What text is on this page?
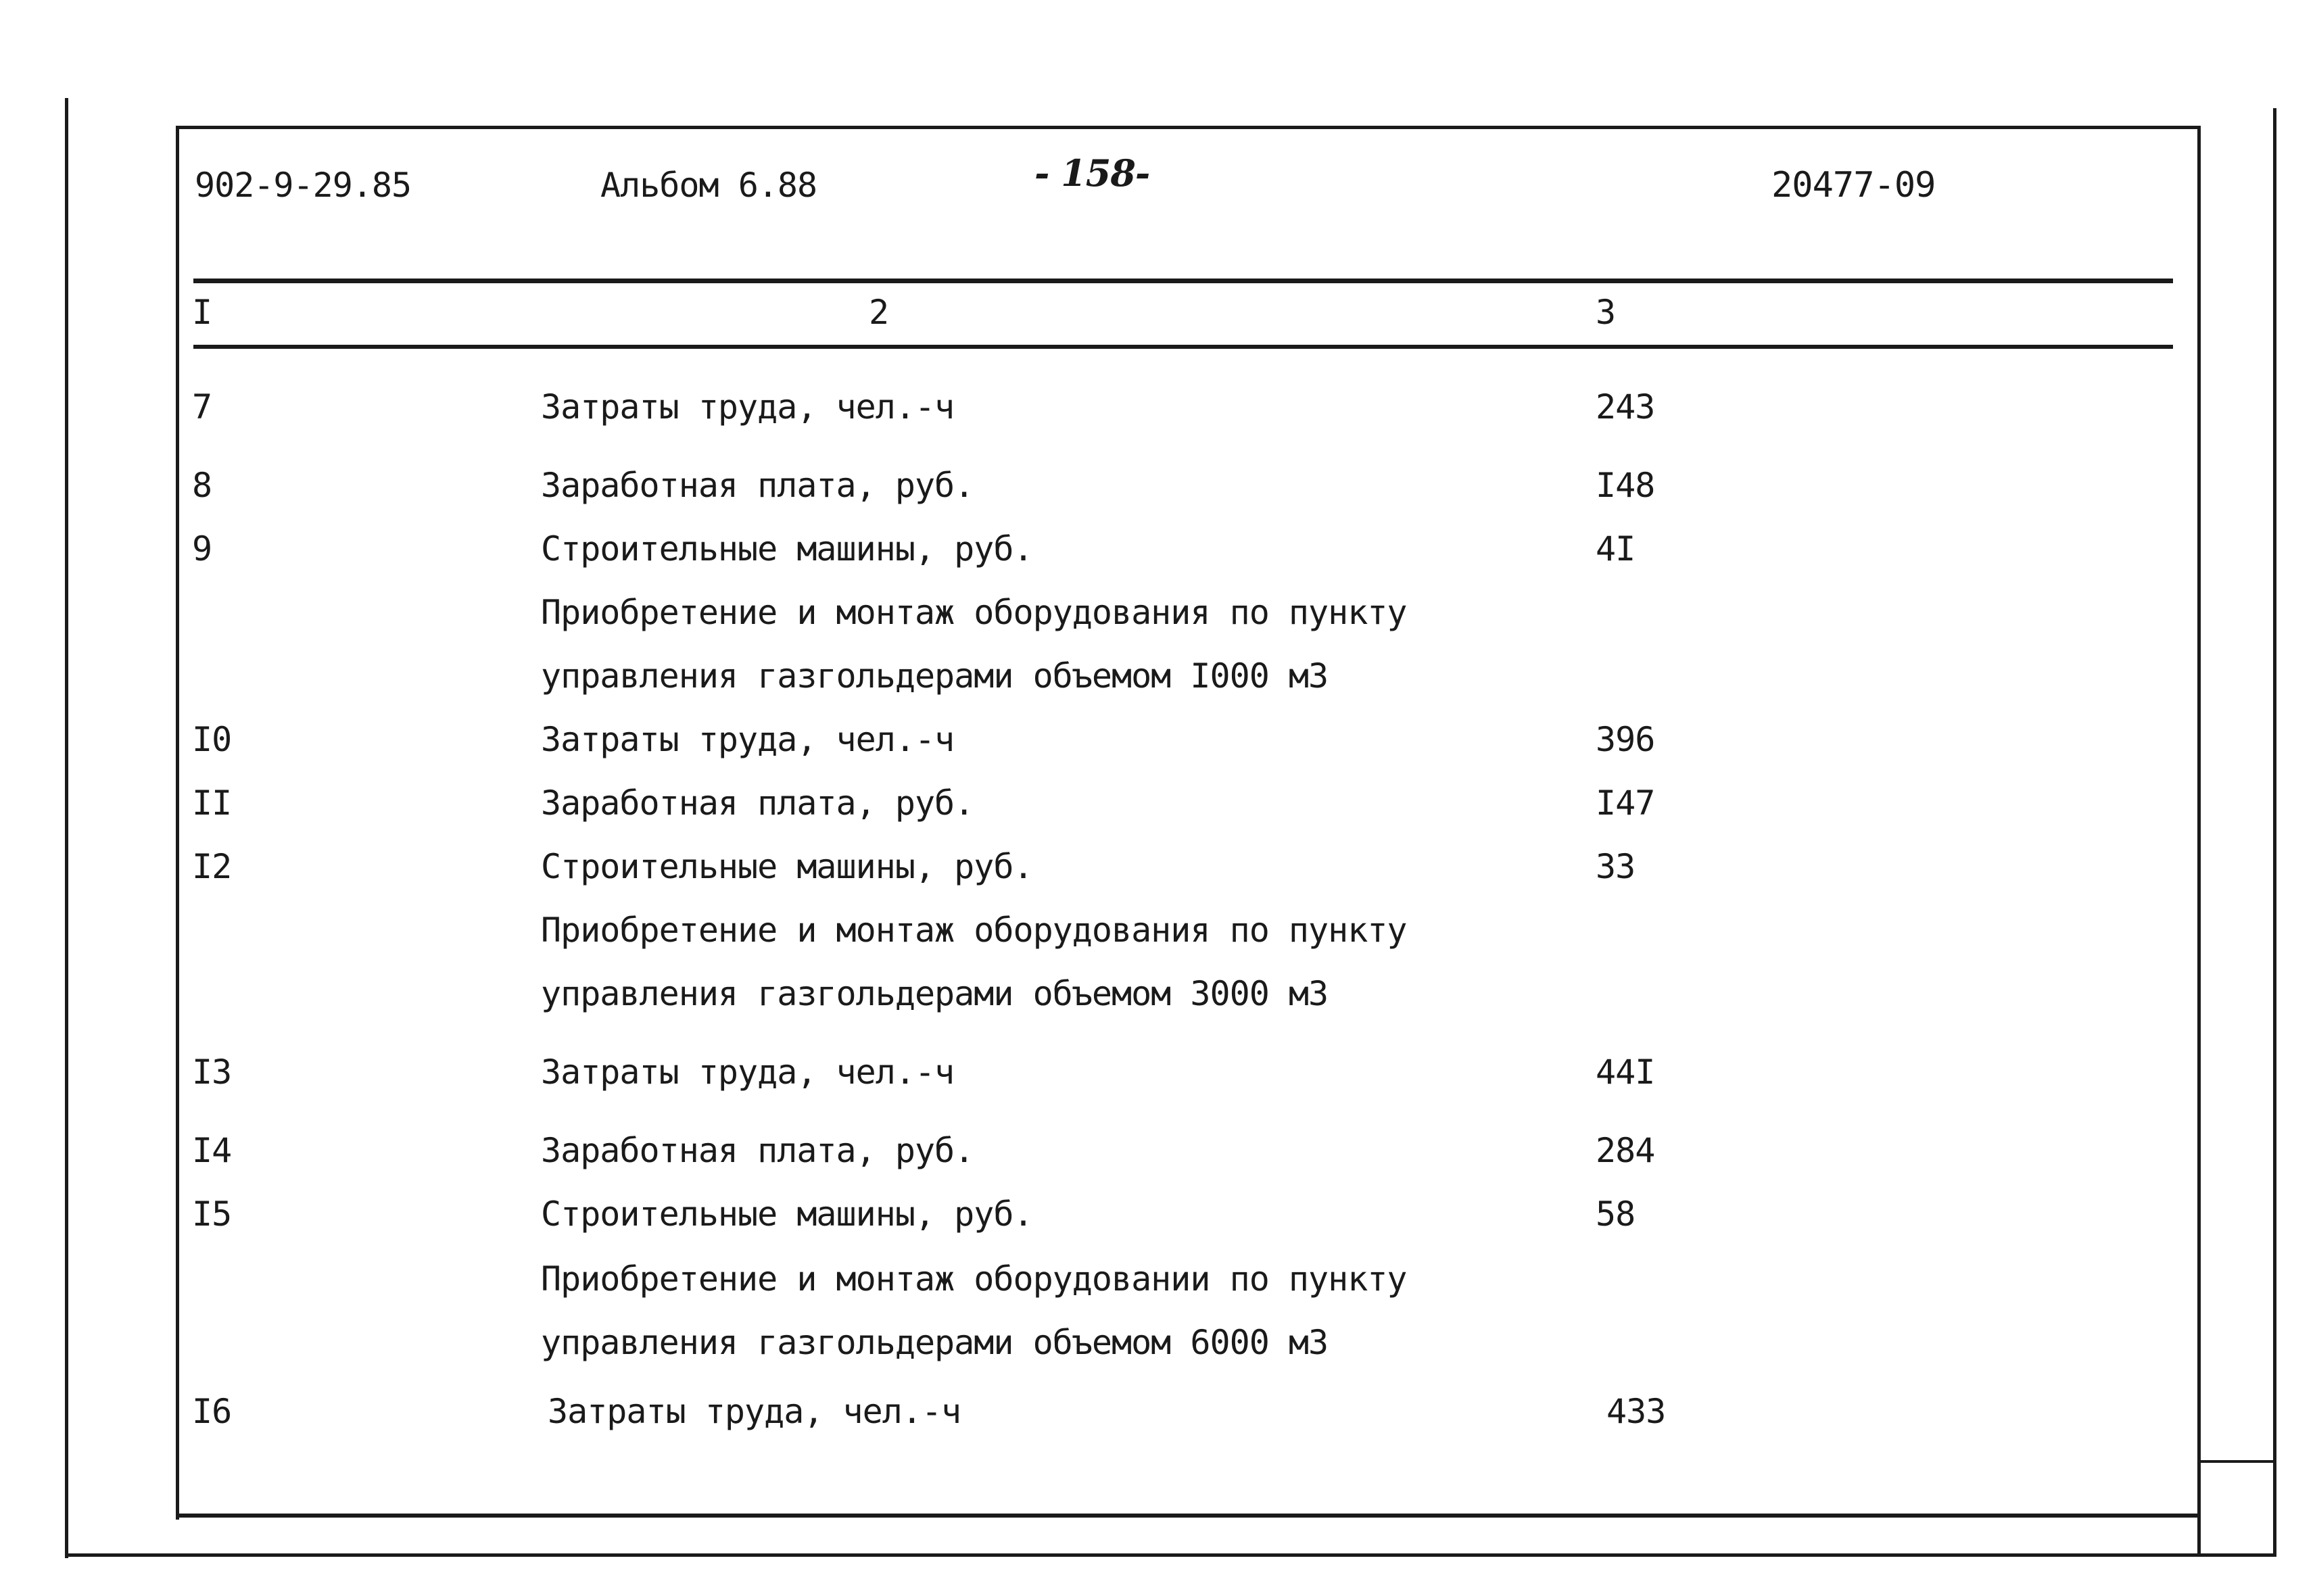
902-9-29.85	Альбом 6.88	- 158-	20477-09
I	2	3
7	Затраты труда, чел.-ч	243
8	Заработная плата, руб.	I48
9	Строительные машины, руб.	4I
Приобретение и монтаж оборудования по пункту
управления газгольдерами объемом I000 м3
I0	Затраты труда, чел.-ч	396
II	Заработная плата, руб.	I47
I2	Строительные машины, руб.	33
Приобретение и монтаж оборудования по пункту
управления газгольдерами объемом 3000 м3
I3	Затраты труда, чел.-ч	44I
I4	Заработная плата, руб.	284
I5	Строительные машины, руб.	58
Приобретение и монтаж оборудовании по пункту
управления газгольдерами объемом 6000 м3
I6	Затраты труда, чел.-ч	433
